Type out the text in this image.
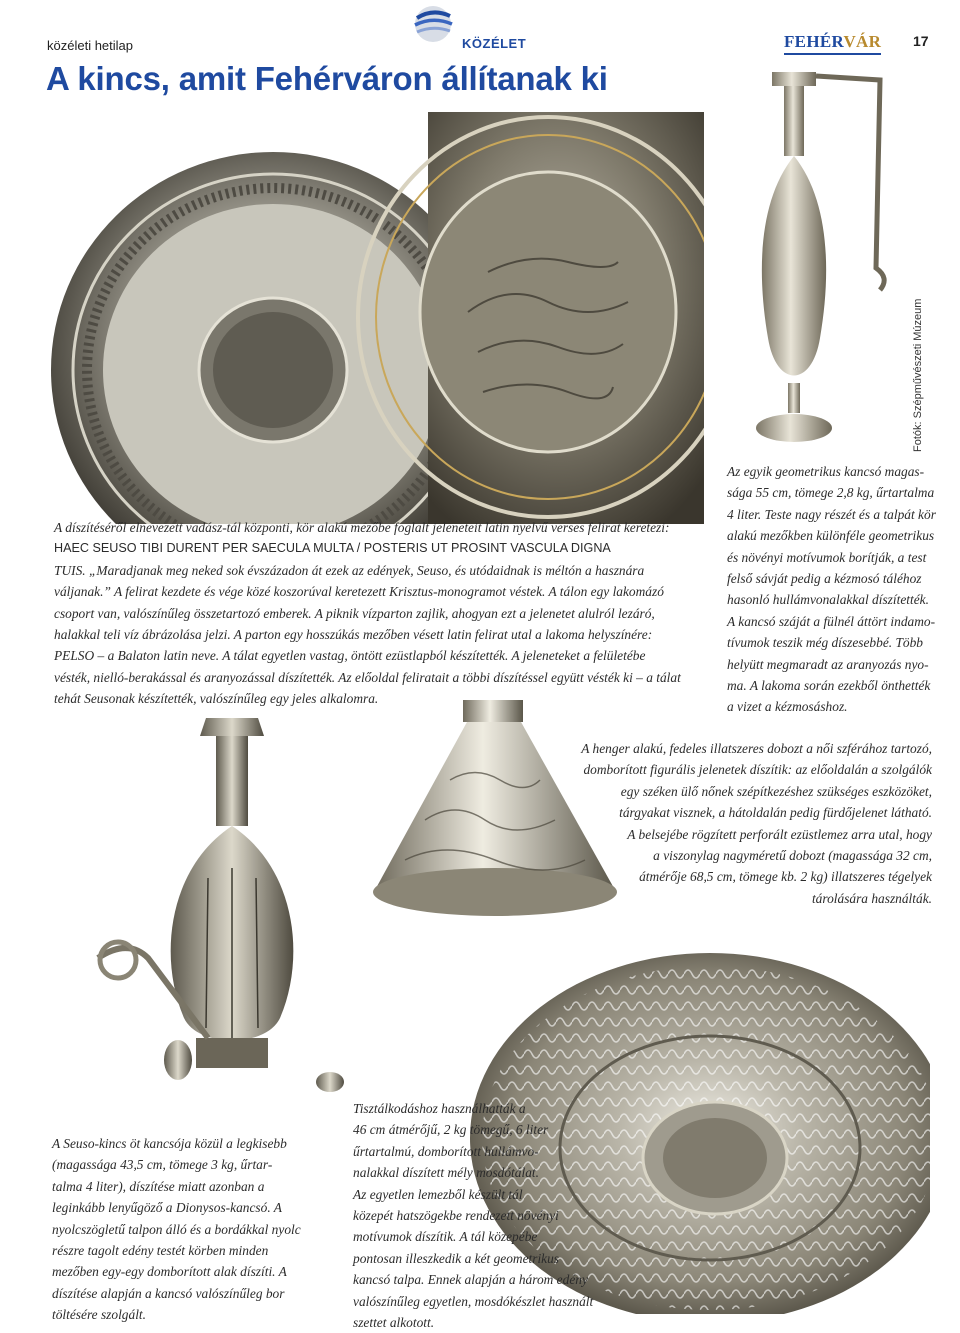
közéleti hetilap	KÖZÉLET	FEHÉRVÁR 17
A kincs, amit Fehérváron állítanak ki
Fotók: Szépművészeti Múzeum

A díszítéséről elnevezett vadász-tál központi, kör alakú mezőbe foglalt jeleneteit latin nyelvű verses felirat keretezi:

HAEC SEUSO TIBI DURENT PER SAECULA MULTA / POSTERIS UT PROSINT VASCULA DIGNA

TUIS. „Maradjanak meg neked sok évszázadon át ezek az edények, Seuso, és utódaidnak is méltón a hasznára

váljanak.” A felirat kezdete és vége közé koszorúval keretezett Krisztus-monogramot véstek. A tálon egy lakomázó

csoport van, valószínűleg összetartozó emberek. A piknik vízparton zajlik, ahogyan ezt a jelenetet alulról lezáró,

halakkal teli víz ábrázolása jelzi. A parton egy hosszúkás mezőben vésett latin felirat utal a lakoma helyszínére:

PELSO – a Balaton latin neve. A tálat egyetlen vastag, öntött ezüstlapból készítették. A jeleneteket a felületébe

vésték, nielló-berakással és aranyozással díszítették. Az előoldal feliratait a többi díszítéssel együtt vésték ki – a tálat

tehát Seusonak készítették, valószínűleg egy jeles alkalomra.

Az egyik geometrikus kancsó magas-

sága 55 cm, tömege 2,8 kg, űrtartalma

4 liter. Teste nagy részét és a talpát kör

alakú mezőkben különféle geometrikus

és növényi motívumok borítják, a test

felső sávját pedig a kézmosó táléhoz

hasonló hullámvonalakkal díszítették.

A kancsó száját a fülnél áttört indamo-

tívumok teszik még díszesebbé. Több

helyütt megmaradt az aranyozás nyo-

ma. A lakoma során ezekből önthették

a vizet a kézmosáshoz.

A henger alakú, fedeles illatszeres dobozt a női szférához tartozó,

domborított figurális jelenetek díszítik: az előoldalán a szolgálók

egy széken ülő nőnek szépítkezéshez szükséges eszközöket,

tárgyakat visznek, a hátoldalán pedig fürdőjelenet látható.

A belsejébe rögzített perforált ezüstlemez arra utal, hogy

a viszonylag nagyméretű dobozt (magassága 32 cm,

átmérője 68,5 cm, tömege kb. 2 kg) illatszeres tégelyek

tárolására használták.

A Seuso-kincs öt kancsója közül a legkisebb

(magassága 43,5 cm, tömege 3 kg, űrtar-

talma 4 liter), díszítése miatt azonban a

leginkább lenyűgöző a Dionysos-kancsó. A

nyolcszögletű talpon álló és a bordákkal nyolc

részre tagolt edény testét körben minden

mezőben egy-egy domborított alak díszíti. A

díszítése alapján a kancsó valószínűleg bor

töltésére szolgált.

Tisztálkodáshoz használhatták a

46 cm átmérőjű, 2 kg tömegű, 6 liter

űrtartalmú, domborított hullámvo-

nalakkal díszített mély mosdótálat.

Az egyetlen lemezből készült tál

közepét hatszögekbe rendezett növényi

motívumok díszítik. A tál közepébe

pontosan illeszkedik a két geometrikus

kancsó talpa. Ennek alapján a három edény

valószínűleg egyetlen, mosdókészlet használt

szettet alkotott.
